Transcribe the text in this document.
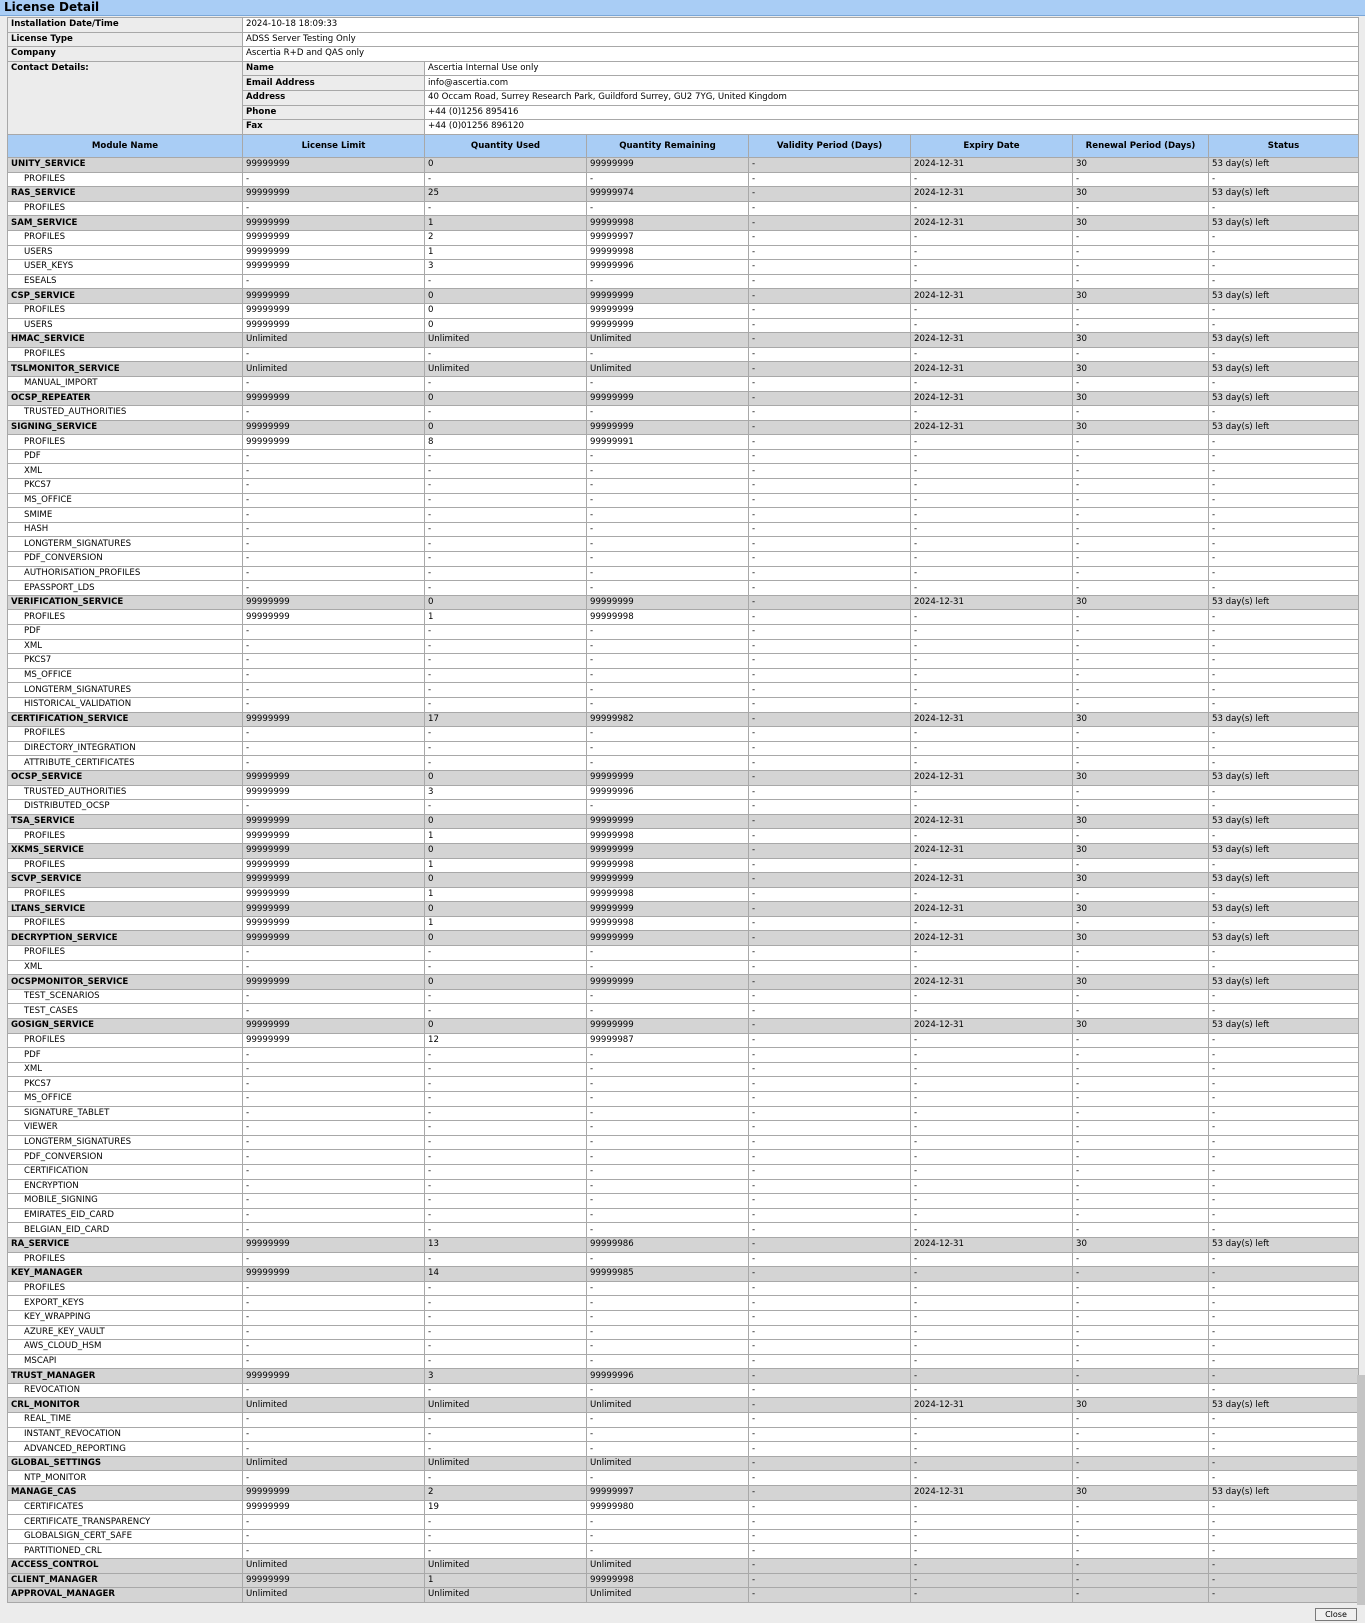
License Detail
Installation Date/Time	2024-10-18 18:09:33	
License Type	ADSS Server Testing Only	
Company	Ascertia R+D and QAS only	
Contact Details:	Name	Ascertia Internal Use only
	Email Address	info@ascertia.com
	Address	40 Occam Road, Surrey Research Park, Guildford Surrey, GU2 7YG, United Kingdom
	Phone	+44 (0)1256 895416
	Fax	+44 (0)01256 896120
Module Name	License Limit	Quantity Used	Quantity Remaining	Validity Period (Days)	Expiry Date	Renewal Period (Days)	Status
UNITY_SERVICE	99999999	0	99999999	-	2024-12-31	30	53 day(s) left
PROFILES	-	-	-	-	-	-	-
RAS_SERVICE	99999999	25	99999974	-	2024-12-31	30	53 day(s) left
PROFILES	-	-	-	-	-	-	-
SAM_SERVICE	99999999	1	99999998	-	2024-12-31	30	53 day(s) left
PROFILES	99999999	2	99999997	-	-	-	-
USERS	99999999	1	99999998	-	-	-	-
USER_KEYS	99999999	3	99999996	-	-	-	-
ESEALS	-	-	-	-	-	-	-
CSP_SERVICE	99999999	0	99999999	-	2024-12-31	30	53 day(s) left
PROFILES	99999999	0	99999999	-	-	-	-
USERS	99999999	0	99999999	-	-	-	-
HMAC_SERVICE	Unlimited	Unlimited	Unlimited	-	2024-12-31	30	53 day(s) left
PROFILES	-	-	-	-	-	-	-
TSLMONITOR_SERVICE	Unlimited	Unlimited	Unlimited	-	2024-12-31	30	53 day(s) left
MANUAL_IMPORT	-	-	-	-	-	-	-
OCSP_REPEATER	99999999	0	99999999	-	2024-12-31	30	53 day(s) left
TRUSTED_AUTHORITIES	-	-	-	-	-	-	-
SIGNING_SERVICE	99999999	0	99999999	-	2024-12-31	30	53 day(s) left
PROFILES	99999999	8	99999991	-	-	-	-
PDF	-	-	-	-	-	-	-
XML	-	-	-	-	-	-	-
PKCS7	-	-	-	-	-	-	-
MS_OFFICE	-	-	-	-	-	-	-
SMIME	-	-	-	-	-	-	-
HASH	-	-	-	-	-	-	-
LONGTERM_SIGNATURES	-	-	-	-	-	-	-
PDF_CONVERSION	-	-	-	-	-	-	-
AUTHORISATION_PROFILES	-	-	-	-	-	-	-
EPASSPORT_LDS	-	-	-	-	-	-	-
VERIFICATION_SERVICE	99999999	0	99999999	-	2024-12-31	30	53 day(s) left
PROFILES	99999999	1	99999998	-	-	-	-
PDF	-	-	-	-	-	-	-
XML	-	-	-	-	-	-	-
PKCS7	-	-	-	-	-	-	-
MS_OFFICE	-	-	-	-	-	-	-
LONGTERM_SIGNATURES	-	-	-	-	-	-	-
HISTORICAL_VALIDATION	-	-	-	-	-	-	-
CERTIFICATION_SERVICE	99999999	17	99999982	-	2024-12-31	30	53 day(s) left
PROFILES	-	-	-	-	-	-	-
DIRECTORY_INTEGRATION	-	-	-	-	-	-	-
ATTRIBUTE_CERTIFICATES	-	-	-	-	-	-	-
OCSP_SERVICE	99999999	0	99999999	-	2024-12-31	30	53 day(s) left
TRUSTED_AUTHORITIES	99999999	3	99999996	-	-	-	-
DISTRIBUTED_OCSP	-	-	-	-	-	-	-
TSA_SERVICE	99999999	0	99999999	-	2024-12-31	30	53 day(s) left
PROFILES	99999999	1	99999998	-	-	-	-
XKMS_SERVICE	99999999	0	99999999	-	2024-12-31	30	53 day(s) left
PROFILES	99999999	1	99999998	-	-	-	-
SCVP_SERVICE	99999999	0	99999999	-	2024-12-31	30	53 day(s) left
PROFILES	99999999	1	99999998	-	-	-	-
LTANS_SERVICE	99999999	0	99999999	-	2024-12-31	30	53 day(s) left
PROFILES	99999999	1	99999998	-	-	-	-
DECRYPTION_SERVICE	99999999	0	99999999	-	2024-12-31	30	53 day(s) left
PROFILES	-	-	-	-	-	-	-
XML	-	-	-	-	-	-	-
OCSPMONITOR_SERVICE	99999999	0	99999999	-	2024-12-31	30	53 day(s) left
TEST_SCENARIOS	-	-	-	-	-	-	-
TEST_CASES	-	-	-	-	-	-	-
GOSIGN_SERVICE	99999999	0	99999999	-	2024-12-31	30	53 day(s) left
PROFILES	99999999	12	99999987	-	-	-	-
PDF	-	-	-	-	-	-	-
XML	-	-	-	-	-	-	-
PKCS7	-	-	-	-	-	-	-
MS_OFFICE	-	-	-	-	-	-	-
SIGNATURE_TABLET	-	-	-	-	-	-	-
VIEWER	-	-	-	-	-	-	-
LONGTERM_SIGNATURES	-	-	-	-	-	-	-
PDF_CONVERSION	-	-	-	-	-	-	-
CERTIFICATION	-	-	-	-	-	-	-
ENCRYPTION	-	-	-	-	-	-	-
MOBILE_SIGNING	-	-	-	-	-	-	-
EMIRATES_EID_CARD	-	-	-	-	-	-	-
BELGIAN_EID_CARD	-	-	-	-	-	-	-
RA_SERVICE	99999999	13	99999986	-	2024-12-31	30	53 day(s) left
PROFILES	-	-	-	-	-	-	-
KEY_MANAGER	99999999	14	99999985	-	-	-	-
PROFILES	-	-	-	-	-	-	-
EXPORT_KEYS	-	-	-	-	-	-	-
KEY_WRAPPING	-	-	-	-	-	-	-
AZURE_KEY_VAULT	-	-	-	-	-	-	-
AWS_CLOUD_HSM	-	-	-	-	-	-	-
MSCAPI	-	-	-	-	-	-	-
TRUST_MANAGER	99999999	3	99999996	-	-	-	-
REVOCATION	-	-	-	-	-	-	-
CRL_MONITOR	Unlimited	Unlimited	Unlimited	-	2024-12-31	30	53 day(s) left
REAL_TIME	-	-	-	-	-	-	-
INSTANT_REVOCATION	-	-	-	-	-	-	-
ADVANCED_REPORTING	-	-	-	-	-	-	-
GLOBAL_SETTINGS	Unlimited	Unlimited	Unlimited	-	-	-	-
NTP_MONITOR	-	-	-	-	-	-	-
MANAGE_CAS	99999999	2	99999997	-	2024-12-31	30	53 day(s) left
CERTIFICATES	99999999	19	99999980	-	-	-	-
CERTIFICATE_TRANSPARENCY	-	-	-	-	-	-	-
GLOBALSIGN_CERT_SAFE	-	-	-	-	-	-	-
PARTITIONED_CRL	-	-	-	-	-	-	-
ACCESS_CONTROL	Unlimited	Unlimited	Unlimited	-	-	-	-
CLIENT_MANAGER	99999999	1	99999998	-	-	-	-
APPROVAL_MANAGER	Unlimited	Unlimited	Unlimited	-	-	-	-
Close
